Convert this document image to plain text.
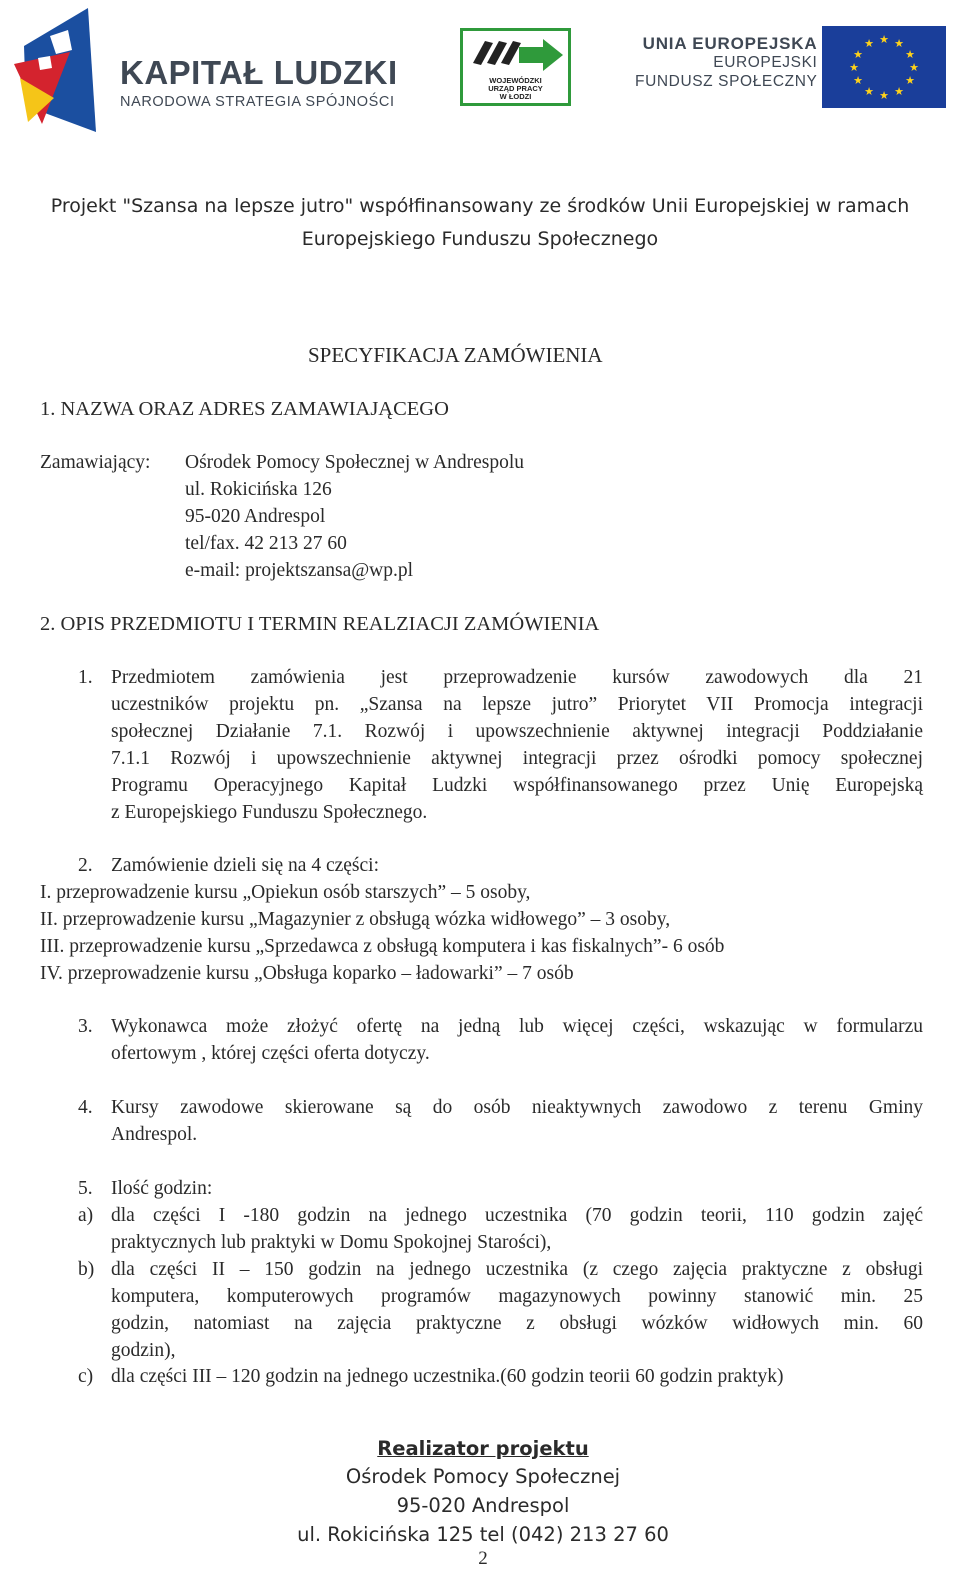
KAPITAŁ LUDZKI
NARODOWA STRATEGIA SPÓJNOŚCI
WOJEWÓDZKI
URZĄD PRACY
W ŁODZI
UNIA EUROPEJSKA
EUROPEJSKI
FUNDUSZ SPOŁECZNY
★ ★
★
★
★
★
★
★
★
★
★
★
Projekt "Szansa na lepsze jutro" współfinansowany ze środków Unii Europejskiej w ramach
Europejskiego Funduszu Społecznego
SPECYFIKACJA ZAMÓWIENIA
1. NAZWA ORAZ ADRES ZAMAWIAJĄCEGO
Zamawiający: Ośrodek Pomocy Społecznej w Andrespolu
ul. Rokicińska 126
95-020 Andrespol
tel/fax. 42 213 27 60
e-mail: projektszansa@wp.pl
2. OPIS PRZEDMIOTU I TERMIN REALZIACJI ZAMÓWIENIA
1. Przedmiotem zamówienia jest przeprowadzenie kursów zawodowych dla 21
uczestników projektu pn. „Szansa na lepsze jutro” Priorytet VII Promocja integracji
społecznej Działanie 7.1. Rozwój i upowszechnienie aktywnej integracji Poddziałanie
7.1.1 Rozwój i upowszechnienie aktywnej integracji przez ośrodki pomocy społecznej
Programu Operacyjnego Kapitał Ludzki współfinansowanego przez Unię Europejską
z Europejskiego Funduszu Społecznego.
2. Zamówienie dzieli się na 4 części:
I. przeprowadzenie kursu „Opiekun osób starszych” – 5 osoby,
II. przeprowadzenie kursu „Magazynier z obsługą wózka widłowego” – 3 osoby,
III. przeprowadzenie kursu „Sprzedawca z obsługą komputera i kas fiskalnych”- 6 osób
IV. przeprowadzenie kursu „Obsługa koparko – ładowarki” – 7 osób
3. Wykonawca może złożyć ofertę na jedną lub więcej części, wskazując w formularzu
ofertowym , której części oferta dotyczy.
4. Kursy zawodowe skierowane są do osób nieaktywnych zawodowo z terenu Gminy
Andrespol.
5. Ilość godzin:
a) dla części I -180 godzin na jednego uczestnika (70 godzin teorii, 110 godzin zajęć
praktycznych lub praktyki w Domu Spokojnej Starości),
b) dla części II – 150 godzin na jednego uczestnika (z czego zajęcia praktyczne z obsługi
komputera, komputerowych programów magazynowych powinny stanowić min. 25
godzin, natomiast na zajęcia praktyczne z obsługi wózków widłowych min. 60
godzin),
c) dla części III – 120 godzin na jednego uczestnika.(60 godzin teorii 60 godzin praktyk)
Realizator projektu
Ośrodek Pomocy Społecznej
95-020 Andrespol
ul. Rokicińska 125 tel (042) 213 27 60
2
